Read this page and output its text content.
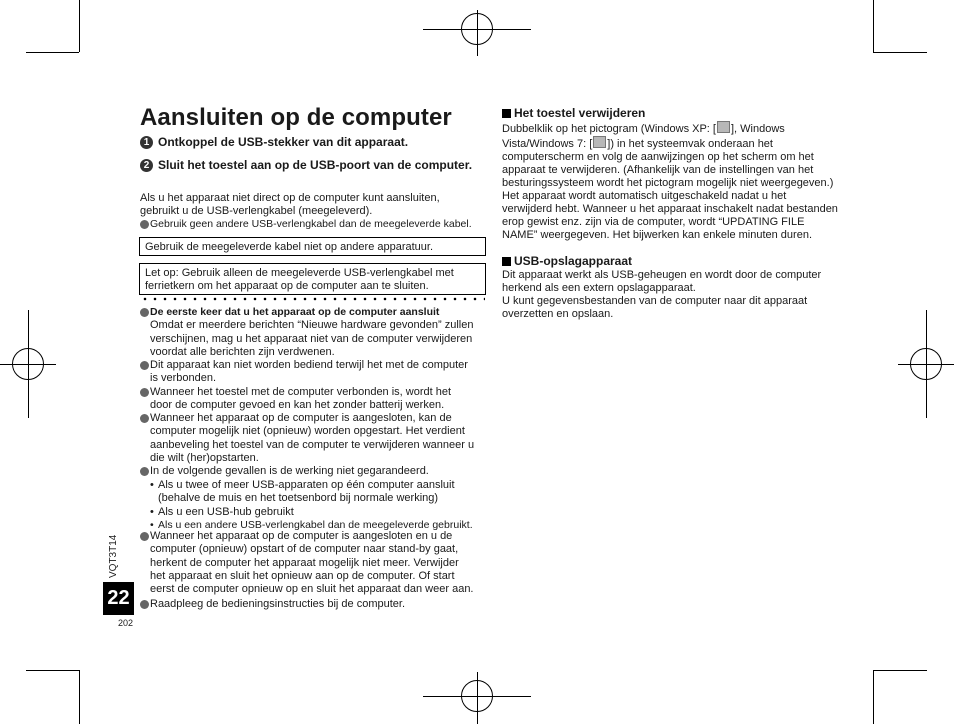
Aansluiten op de computer
1 Ontkoppel de USB-stekker van dit apparaat.
2 Sluit het toestel aan op de USB-poort van de computer.
Als u het apparaat niet direct op de computer kunt aansluiten,
gebruikt u de USB-verlengkabel (meegeleverd).
Gebruik geen andere USB-verlengkabel dan de meegeleverde kabel.
Gebruik de meegeleverde kabel niet op andere apparatuur.
Let op: Gebruik alleen de meegeleverde USB-verlengkabel met
ferrietkern om het apparaat op de computer aan te sluiten.
De eerste keer dat u het apparaat op de computer aansluit
Omdat er meerdere berichten “Nieuwe hardware gevonden” zullen
verschijnen, mag u het apparaat niet van de computer verwijderen
voordat alle berichten zijn verdwenen.
Dit apparaat kan niet worden bediend terwijl het met de computer
is verbonden.
Wanneer het toestel met de computer verbonden is, wordt het
door de computer gevoed en kan het zonder batterij werken.
Wanneer het apparaat op de computer is aangesloten, kan de
computer mogelijk niet (opnieuw) worden opgestart. Het verdient
aanbeveling het toestel van de computer te verwijderen wanneer u
die wilt (her)opstarten.
In de volgende gevallen is de werking niet gegarandeerd.
Wanneer het apparaat op de computer is aangesloten en u de
computer (opnieuw) opstart of de computer naar stand-by gaat,
herkent de computer het apparaat mogelijk niet meer. Verwijder
het apparaat en sluit het opnieuw aan op de computer. Of start
eerst de computer opnieuw op en sluit het apparaat dan weer aan.
Raadpleeg de bedieningsinstructies bij de computer.
• Als u twee of meer USB-apparaten op één computer aansluit
(behalve de muis en het toetsenbord bij normale werking)
• Als u een USB-hub gebruikt
• Als u een andere USB-verlengkabel dan de meegeleverde gebruikt.
VQT3T14
22
202
Het toestel verwijderen
Dubbelklik op het pictogram (Windows XP: [ ], Windows
Vista/Windows 7: [ ]) in het systeemvak onderaan het
computerscherm en volg de aanwijzingen op het scherm om het
apparaat te verwijderen. (Afhankelijk van de instellingen van het
besturingssysteem wordt het pictogram mogelijk niet weergegeven.)
Het apparaat wordt automatisch uitgeschakeld nadat u het
verwijderd hebt. Wanneer u het apparaat inschakelt nadat bestanden
erop gewist enz. zijn via de computer, wordt “UPDATING FILE
NAME” weergegeven. Het bijwerken kan enkele minuten duren.
USB-opslagapparaat
Dit apparaat werkt als USB-geheugen en wordt door de computer
herkend als een extern opslagapparaat.
U kunt gegevensbestanden van de computer naar dit apparaat
overzetten en opslaan.
